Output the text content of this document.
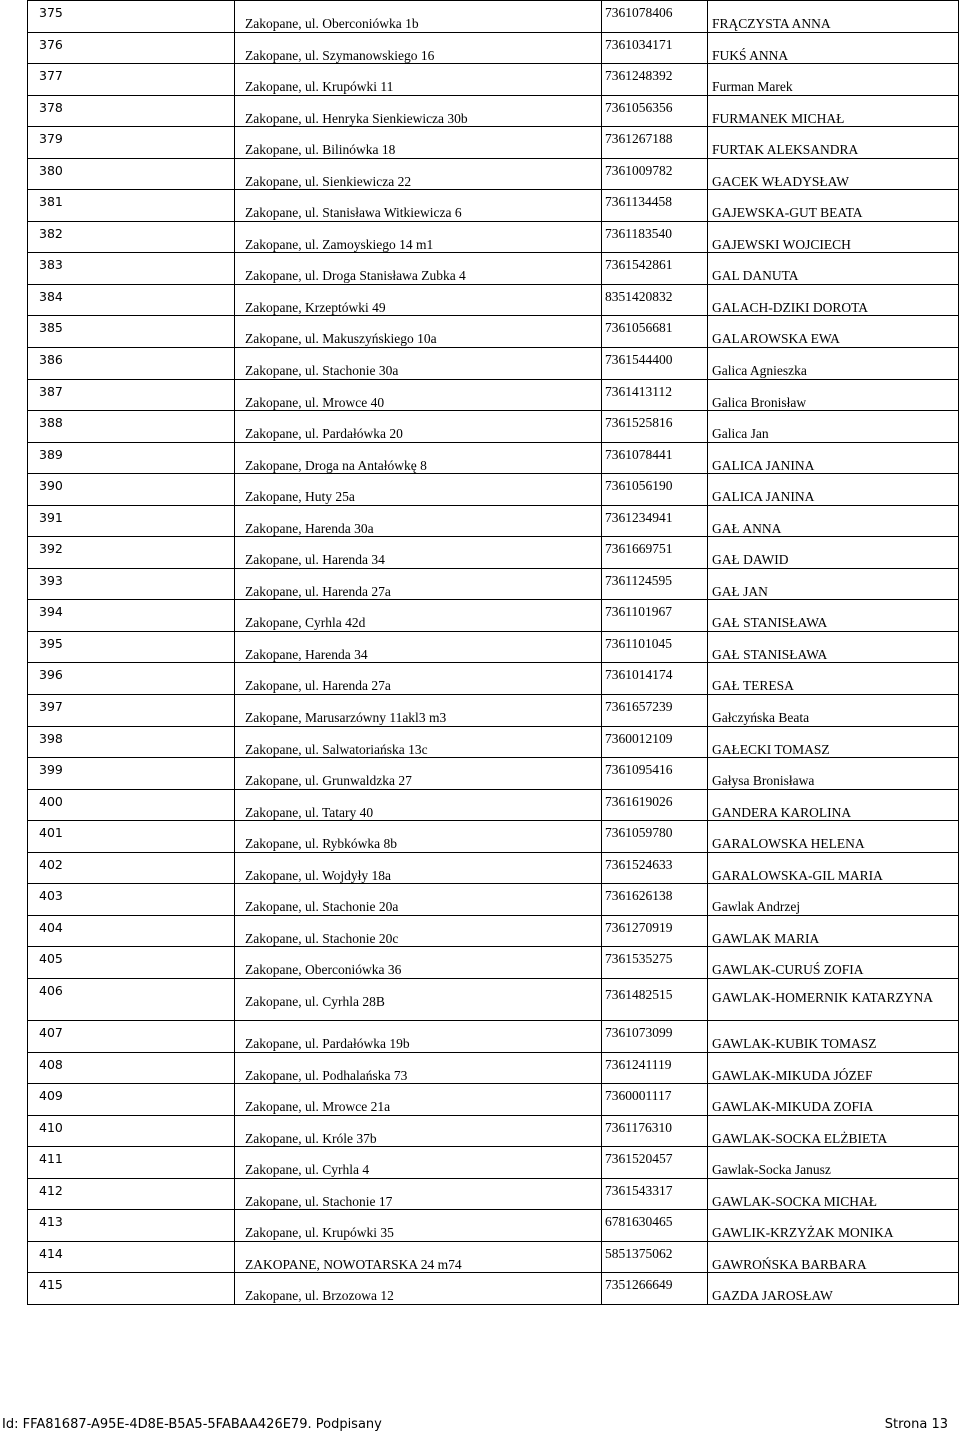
375	Zakopane, ul. Oberconiówka 1b	7361078406	FRĄCZYSTA ANNA

376	Zakopane, ul. Szymanowskiego 16	7361034171	FUKŚ ANNA

377	Zakopane, ul. Krupówki 11	7361248392	Furman Marek

378	Zakopane, ul. Henryka Sienkiewicza 30b	7361056356	FURMANEK MICHAŁ

379	Zakopane, ul. Bilinówka 18	7361267188	FURTAK ALEKSANDRA

380	Zakopane, ul. Sienkiewicza 22	7361009782	GACEK WŁADYSŁAW

381	Zakopane, ul. Stanisława Witkiewicza 6	7361134458	GAJEWSKA-GUT BEATA

382	Zakopane, ul. Zamoyskiego 14 m1	7361183540	GAJEWSKI WOJCIECH

383	Zakopane, ul. Droga Stanisława Zubka 4	7361542861	GAL DANUTA

384	Zakopane, Krzeptówki 49	8351420832	GALACH-DZIKI DOROTA

385	Zakopane, ul. Makuszyńskiego 10a	7361056681	GALAROWSKA EWA

386	Zakopane, ul. Stachonie 30a	7361544400	Galica Agnieszka

387	Zakopane, ul. Mrowce 40	7361413112	Galica Bronisław

388	Zakopane, ul. Pardałówka 20	7361525816	Galica Jan

389	Zakopane, Droga na Antałówkę 8	7361078441	GALICA JANINA

390	Zakopane, Huty 25a	7361056190	GALICA JANINA

391	Zakopane, Harenda 30a	7361234941	GAŁ ANNA

392	Zakopane, ul. Harenda 34	7361669751	GAŁ DAWID

393	Zakopane, ul. Harenda 27a	7361124595	GAŁ JAN

394	Zakopane, Cyrhla 42d	7361101967	GAŁ STANISŁAWA

395	Zakopane, Harenda 34	7361101045	GAŁ STANISŁAWA

396	Zakopane, ul. Harenda 27a	7361014174	GAŁ TERESA

397	Zakopane, Marusarzówny 11akl3 m3	7361657239	Gałczyńska Beata

398	Zakopane, ul. Salwatoriańska 13c	7360012109	GAŁECKI TOMASZ

399	Zakopane, ul. Grunwaldzka 27	7361095416	Gałysa Bronisława

400	Zakopane, ul. Tatary 40	7361619026	GANDERA KAROLINA

401	Zakopane, ul. Rybkówka 8b	7361059780	GARALOWSKA HELENA

402	Zakopane, ul. Wojdyły 18a	7361524633	GARALOWSKA-GIL MARIA

403	Zakopane, ul. Stachonie 20a	7361626138	Gawlak Andrzej

404	Zakopane, ul. Stachonie 20c	7361270919	GAWLAK MARIA

405	Zakopane, Oberconiówka 36	7361535275	GAWLAK-CURUŚ ZOFIA

406	Zakopane, ul. Cyrhla 28B	7361482515	GAWLAK-HOMERNIK KATARZYNA

407	Zakopane, ul. Pardałówka 19b	7361073099	GAWLAK-KUBIK TOMASZ

408	Zakopane, ul. Podhalańska 73	7361241119	GAWLAK-MIKUDA JÓZEF

409	Zakopane, ul. Mrowce 21a	7360001117	GAWLAK-MIKUDA ZOFIA

410	Zakopane, ul. Króle 37b	7361176310	GAWLAK-SOCKA ELŻBIETA

411	Zakopane, ul. Cyrhla 4	7361520457	Gawlak-Socka Janusz

412	Zakopane, ul. Stachonie 17	7361543317	GAWLAK-SOCKA MICHAŁ

413	Zakopane, ul. Krupówki 35	6781630465	GAWLIK-KRZYŻAK MONIKA

414	ZAKOPANE, NOWOTARSKA 24 m74	5851375062	GAWROŃSKA BARBARA

415	Zakopane, ul. Brzozowa 12	7351266649	GAZDA JAROSŁAW
Id: FFA81687-A95E-4D8E-B5A5-5FABAA426E79. Podpisany	Strona 13
